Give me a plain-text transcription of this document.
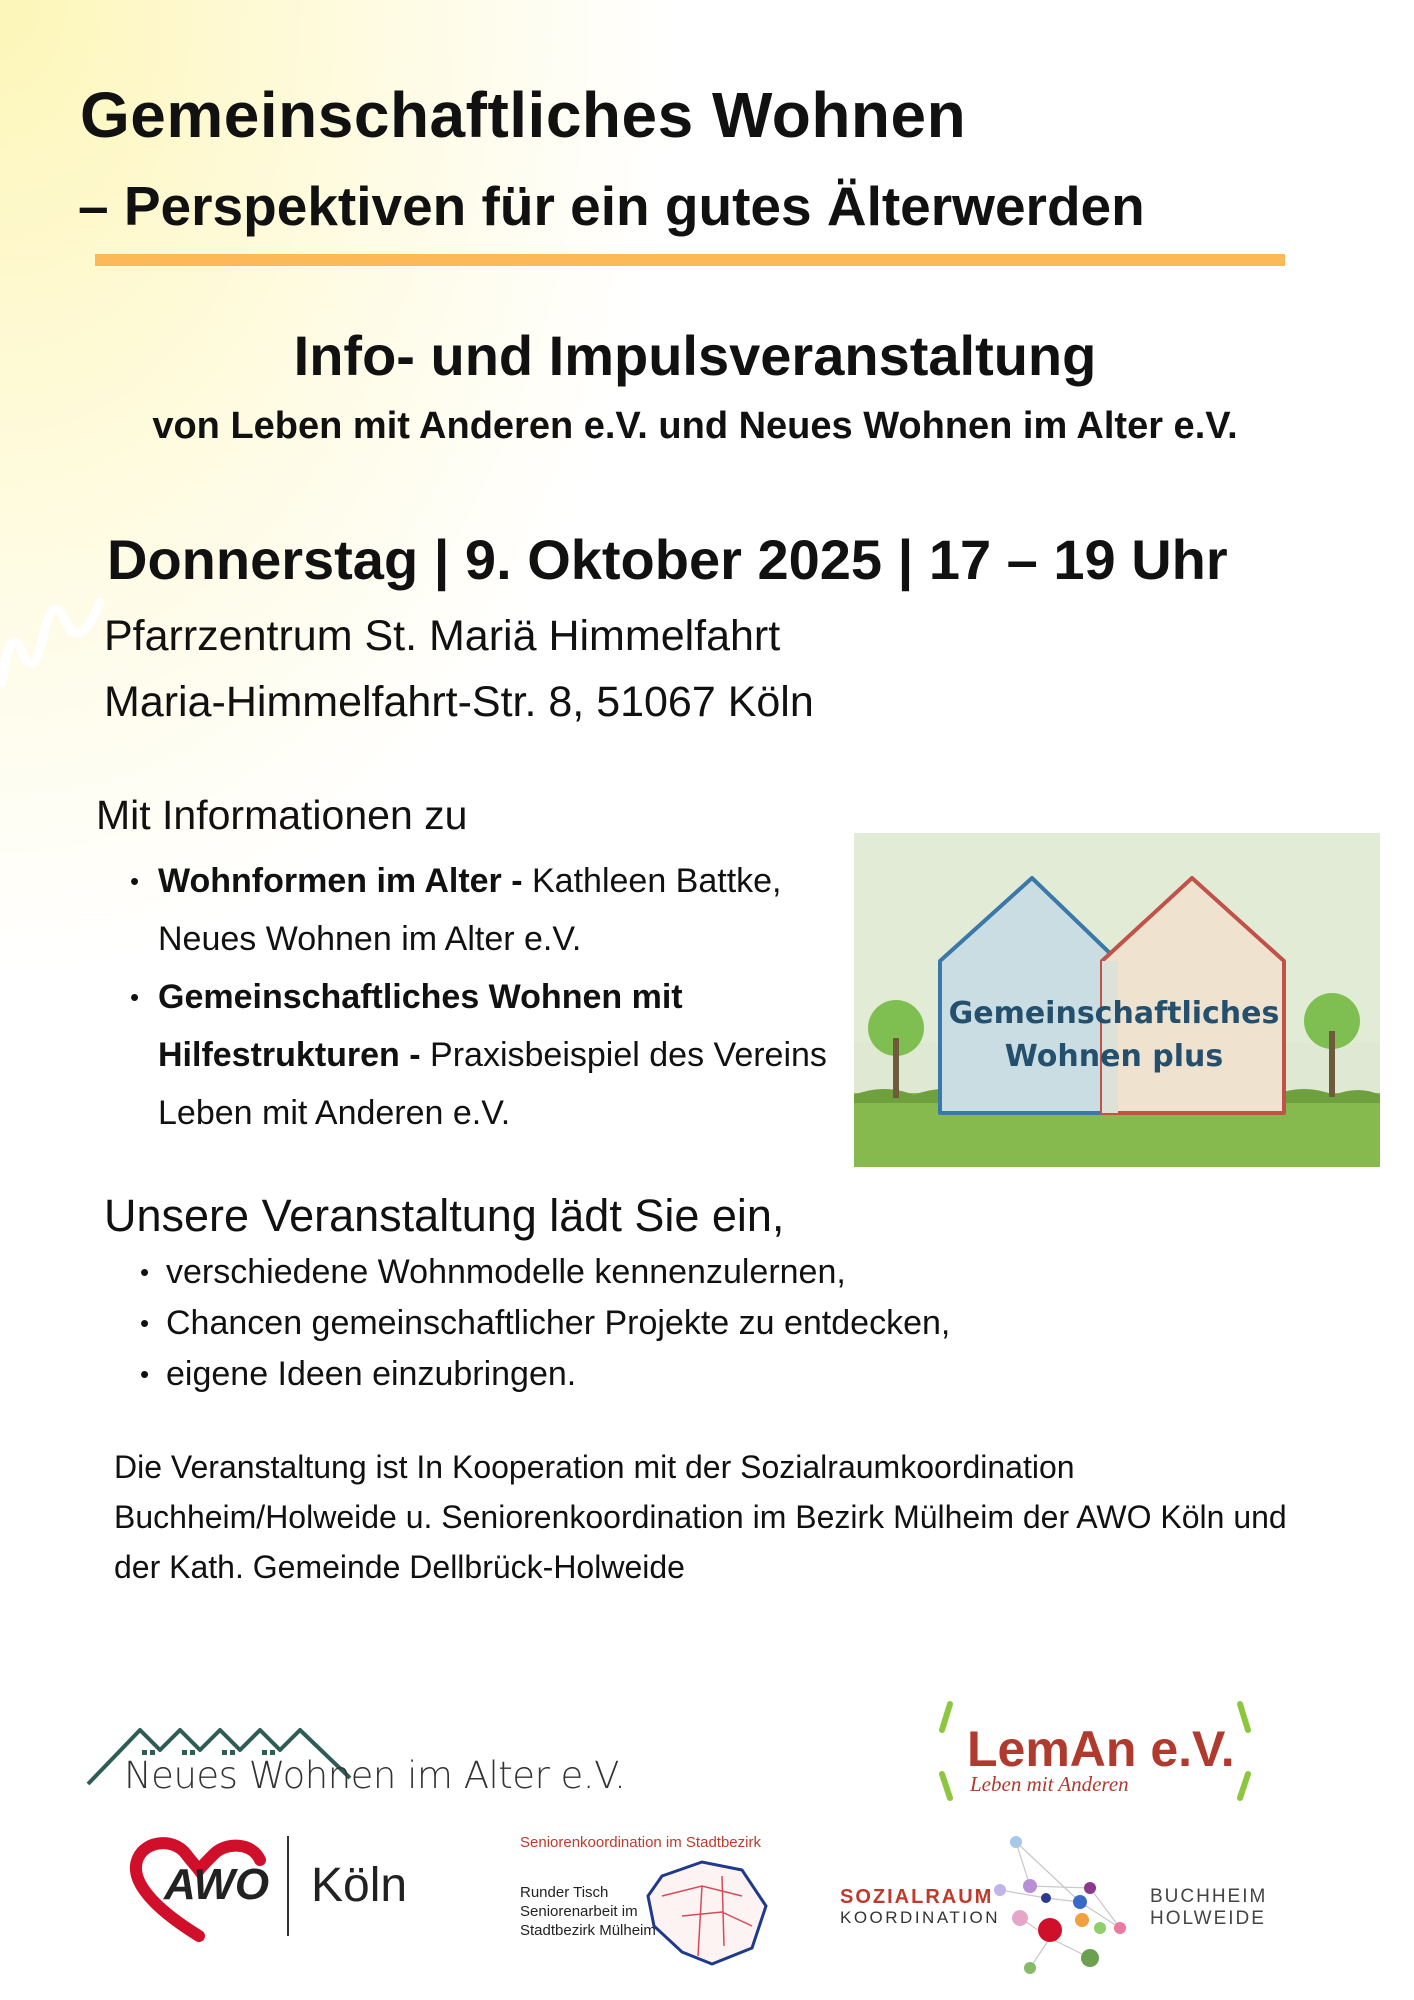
Gemeinschaftliches Wohnen
– Perspektiven für ein gutes Älterwerden
Info- und Impulsveranstaltung
von Leben mit Anderen e.V. und Neues Wohnen im Alter e.V.
Donnerstag | 9. Oktober 2025 | 17 – 19 Uhr
Pfarrzentrum St. Mariä Himmelfahrt
Maria-Himmelfahrt-Str. 8, 51067 Köln
Mit Informationen zu
• Wohnformen im Alter - Kathleen Battke, Neues Wohnen im Alter e.V.
• Gemeinschaftliches Wohnen mit Hilfestrukturen - Praxisbeispiel des Vereins Leben mit Anderen e.V.
Gemeinschaftliches
Wohnen plus
Unsere Veranstaltung lädt Sie ein,
• verschiedene Wohnmodelle kennenzulernen,
• Chancen gemeinschaftlicher Projekte zu entdecken,
• eigene Ideen einzubringen.
Die Veranstaltung ist In Kooperation mit der Sozialraumkoordination Buchheim/Holweide u. Seniorenkoordination im Bezirk Mülheim der AWO Köln und der Kath. Gemeinde Dellbrück-Holweide
Neues Wohnen im Alter e.V.	LemAn e.V.
Leben mit Anderen
AWO Köln
Seniorenkoordination im Stadtbezirk
Runder Tisch
Seniorenarbeit im
Stadtbezirk Mülheim
SOZIALRAUM
KOORDINATION
BUCHHEIM
HOLWEIDE
